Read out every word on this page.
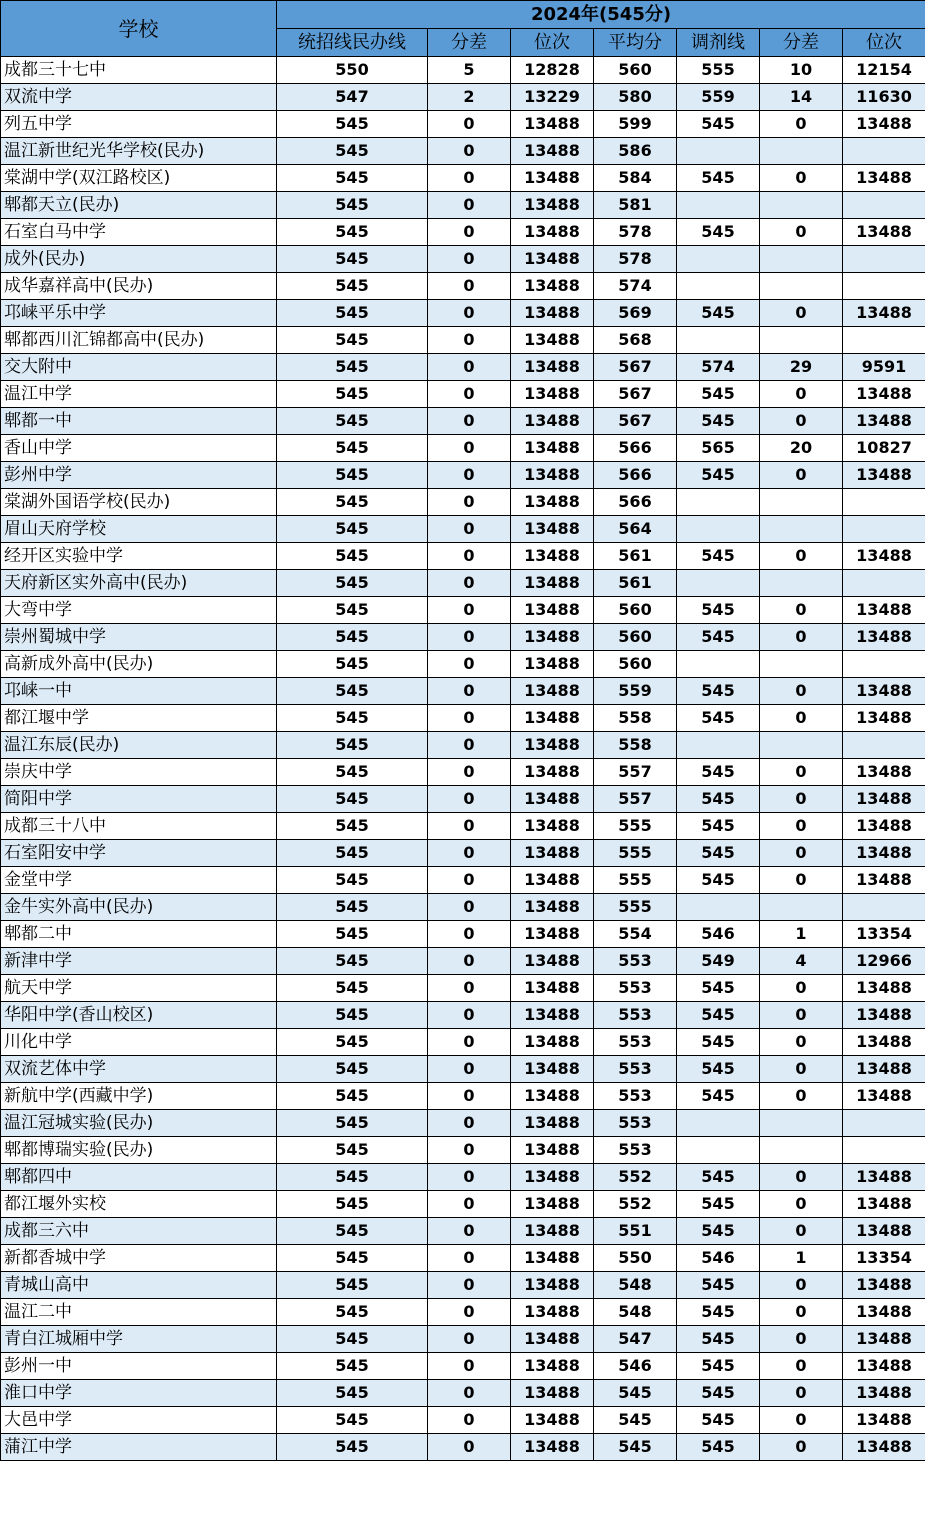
学校	2024年(545分)						
	统招线民办线	分差	位次	平均分	调剂线	分差	位次
成都三十七中	550	5	12828	560	555	10	12154
双流中学	547	2	13229	580	559	14	11630
列五中学	545	0	13488	599	545	0	13488
温江新世纪光华学校(民办)	545	0	13488	586			
棠湖中学(双江路校区)	545	0	13488	584	545	0	13488
郫都天立(民办)	545	0	13488	581			
石室白马中学	545	0	13488	578	545	0	13488
成外(民办)	545	0	13488	578			
成华嘉祥高中(民办)	545	0	13488	574			
邛崃平乐中学	545	0	13488	569	545	0	13488
郫都西川汇锦都高中(民办)	545	0	13488	568			
交大附中	545	0	13488	567	574	29	9591
温江中学	545	0	13488	567	545	0	13488
郫都一中	545	0	13488	567	545	0	13488
香山中学	545	0	13488	566	565	20	10827
彭州中学	545	0	13488	566	545	0	13488
棠湖外国语学校(民办)	545	0	13488	566			
眉山天府学校	545	0	13488	564			
经开区实验中学	545	0	13488	561	545	0	13488
天府新区实外高中(民办)	545	0	13488	561			
大弯中学	545	0	13488	560	545	0	13488
崇州蜀城中学	545	0	13488	560	545	0	13488
高新成外高中(民办)	545	0	13488	560			
邛崃一中	545	0	13488	559	545	0	13488
都江堰中学	545	0	13488	558	545	0	13488
温江东辰(民办)	545	0	13488	558			
崇庆中学	545	0	13488	557	545	0	13488
简阳中学	545	0	13488	557	545	0	13488
成都三十八中	545	0	13488	555	545	0	13488
石室阳安中学	545	0	13488	555	545	0	13488
金堂中学	545	0	13488	555	545	0	13488
金牛实外高中(民办)	545	0	13488	555			
郫都二中	545	0	13488	554	546	1	13354
新津中学	545	0	13488	553	549	4	12966
航天中学	545	0	13488	553	545	0	13488
华阳中学(香山校区)	545	0	13488	553	545	0	13488
川化中学	545	0	13488	553	545	0	13488
双流艺体中学	545	0	13488	553	545	0	13488
新航中学(西藏中学)	545	0	13488	553	545	0	13488
温江冠城实验(民办)	545	0	13488	553			
郫都博瑞实验(民办)	545	0	13488	553			
郫都四中	545	0	13488	552	545	0	13488
都江堰外实校	545	0	13488	552	545	0	13488
成都三六中	545	0	13488	551	545	0	13488
新都香城中学	545	0	13488	550	546	1	13354
青城山高中	545	0	13488	548	545	0	13488
温江二中	545	0	13488	548	545	0	13488
青白江城厢中学	545	0	13488	547	545	0	13488
彭州一中	545	0	13488	546	545	0	13488
淮口中学	545	0	13488	545	545	0	13488
大邑中学	545	0	13488	545	545	0	13488
蒲江中学	545	0	13488	545	545	0	13488
